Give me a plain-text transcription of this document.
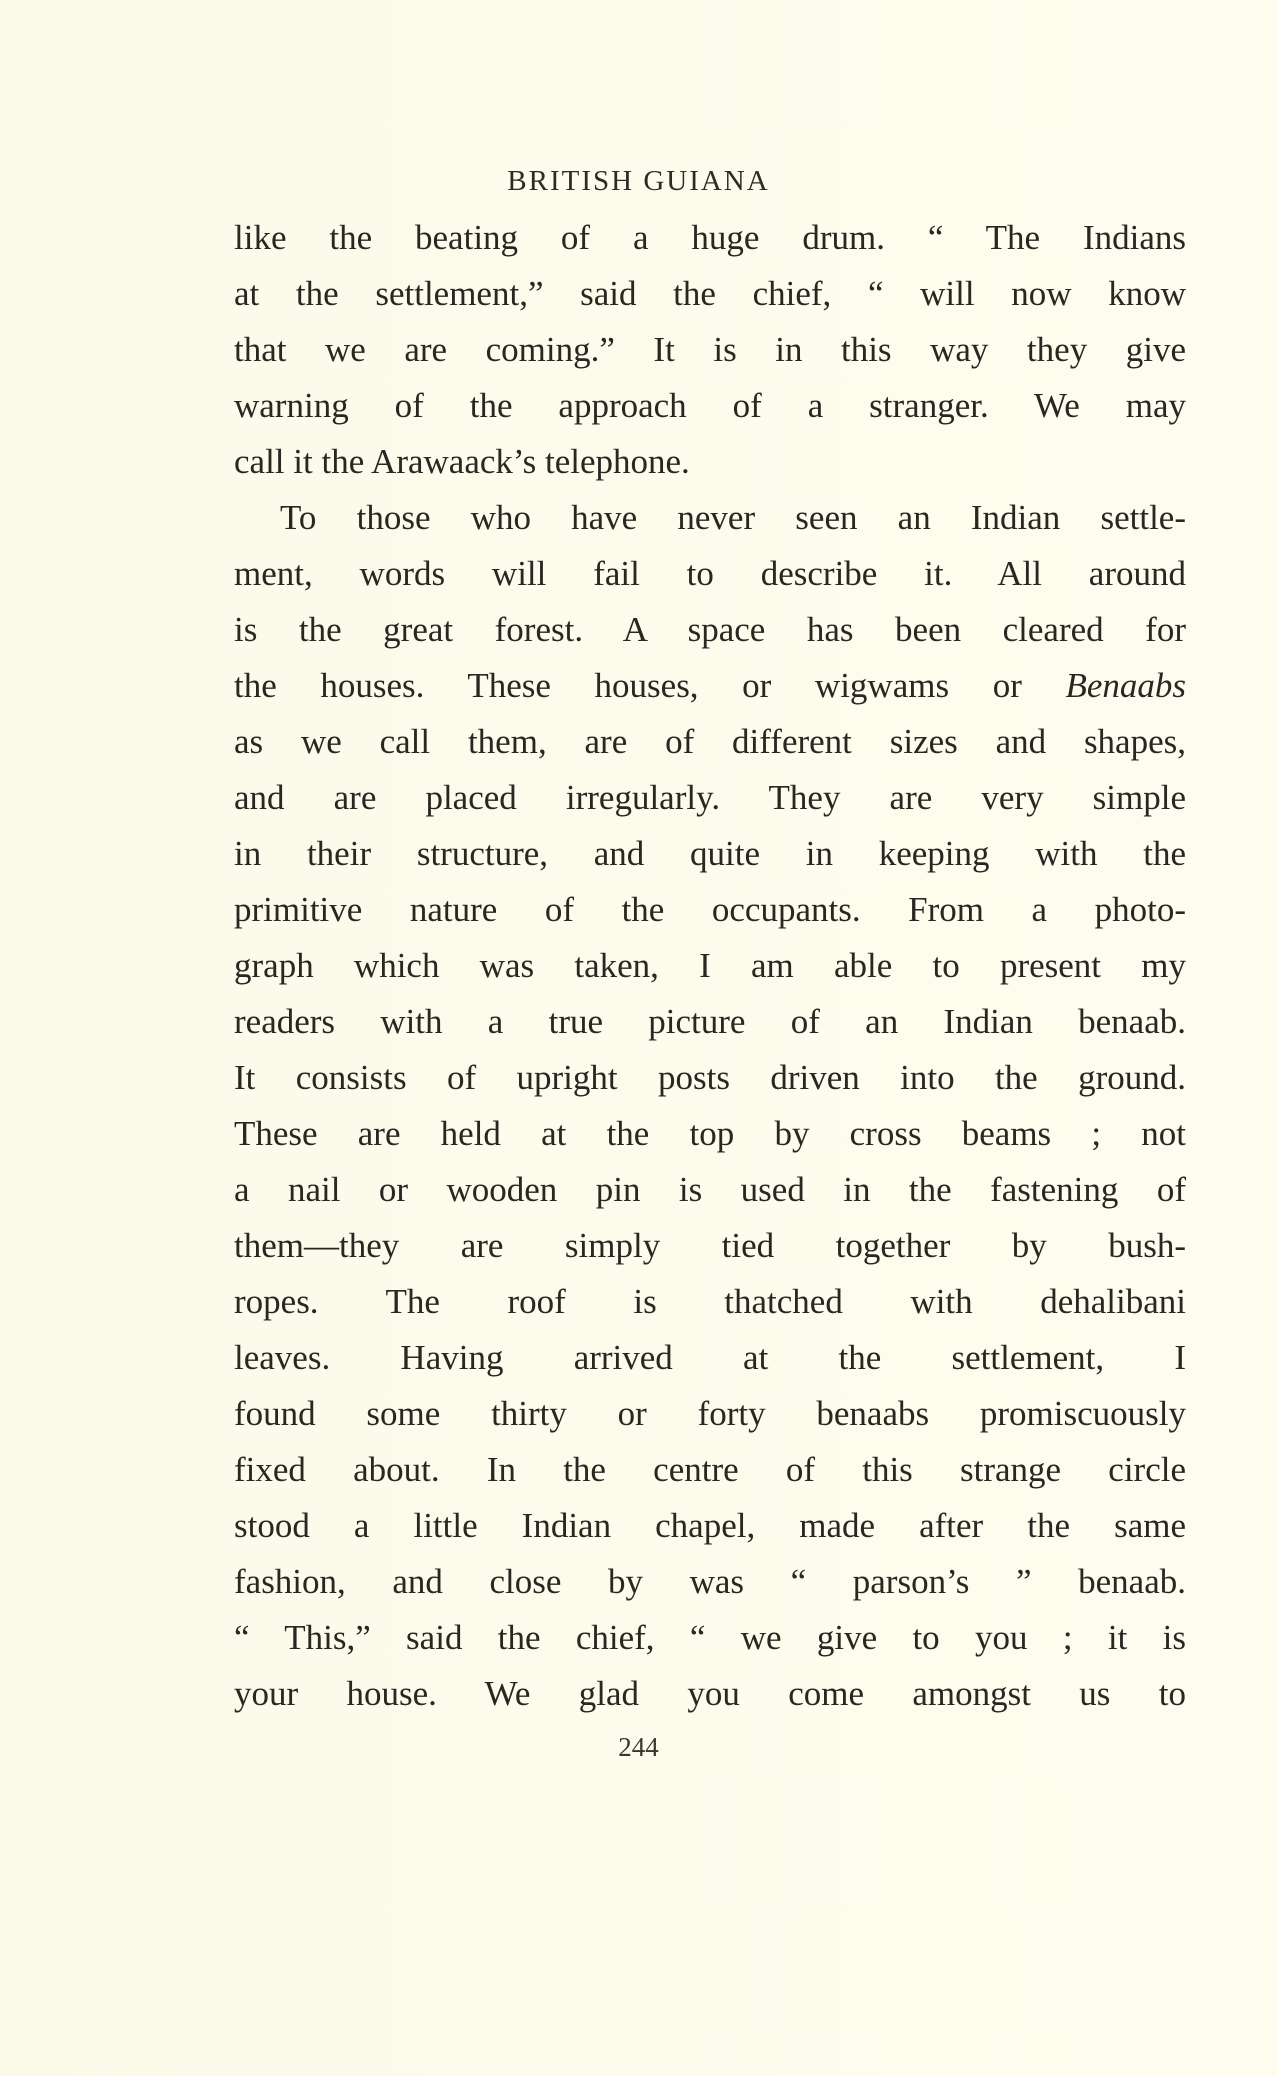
BRITISH GUIANA
like the beating of a huge drum. “ The Indians
at the settlement,” said the chief, “ will now know
that we are coming.” It is in this way they give
warning of the approach of a stranger. We may
call it the Arawaack’s telephone.
To those who have never seen an Indian settle-
ment, words will fail to describe it. All around
is the great forest. A space has been cleared for
the houses. These houses, or wigwams or Benaabs
as we call them, are of different sizes and shapes,
and are placed irregularly. They are very simple
in their structure, and quite in keeping with the
primitive nature of the occupants. From a photo-
graph which was taken, I am able to present my
readers with a true picture of an Indian benaab.
It consists of upright posts driven into the ground.
These are held at the top by cross beams ; not
a nail or wooden pin is used in the fastening of
them—they are simply tied together by bush-
ropes. The roof is thatched with dehalibani
leaves. Having arrived at the settlement, I
found some thirty or forty benaabs promiscuously
fixed about. In the centre of this strange circle
stood a little Indian chapel, made after the same
fashion, and close by was “ parson’s ” benaab.
“ This,” said the chief, “ we give to you ; it is
your house. We glad you come amongst us to
244
